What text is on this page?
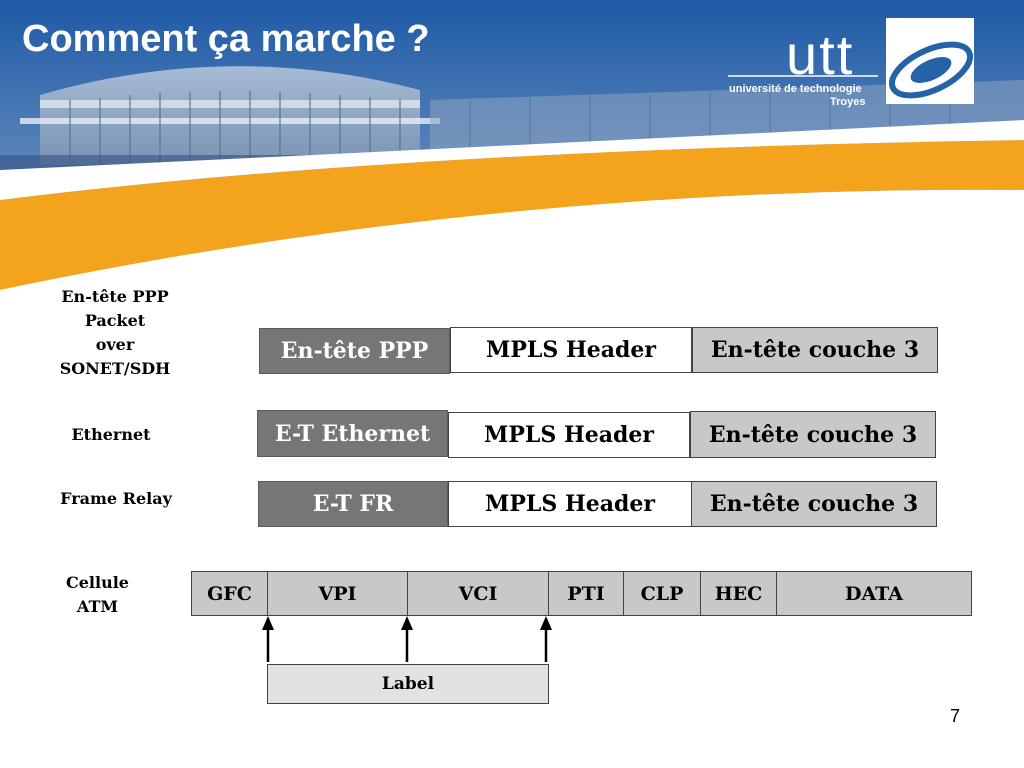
Comment ça marche ?	utt
université de technologie
Troyes
En-tête PPP
Packet
over
SONET/SDH
En-tête PPP	MPLS Header	En-tête couche 3
Ethernet	E-T Ethernet	MPLS Header	En-tête couche 3
Frame Relay	E-T FR	MPLS Header	En-tête couche 3
Cellule
ATM
GFC	VPI	VCI	PTI	CLP	HEC	DATA
Label
7
